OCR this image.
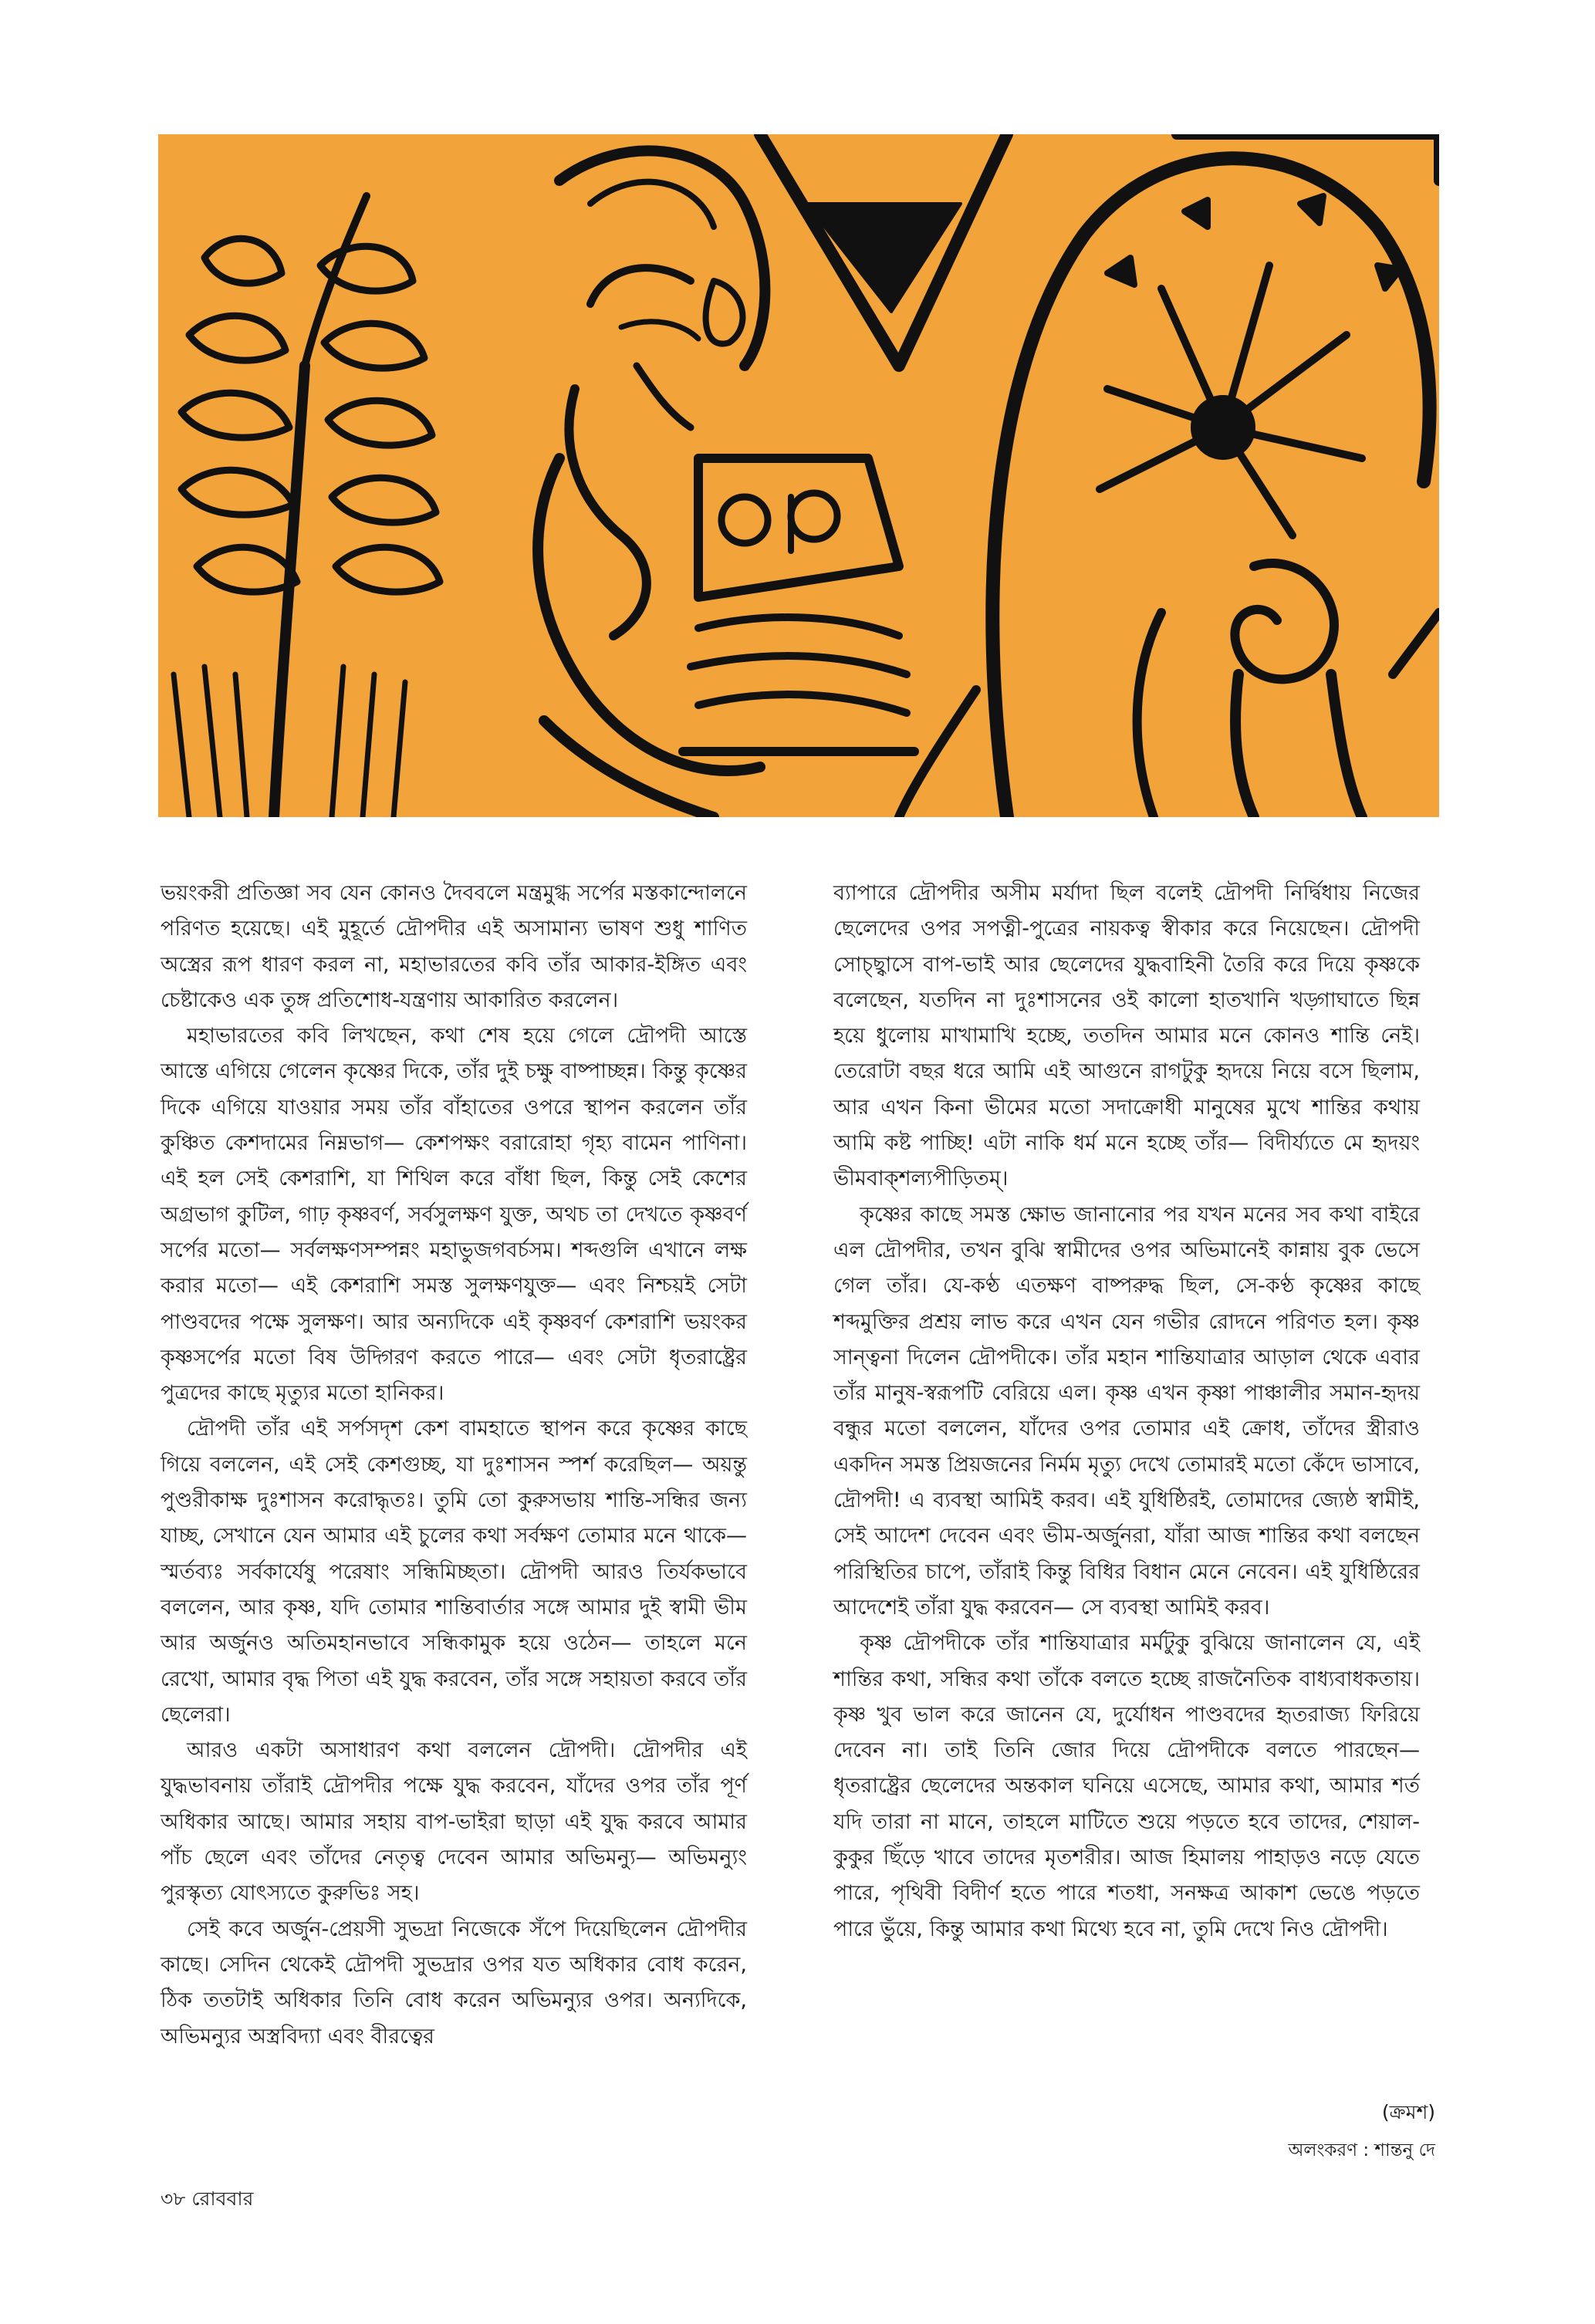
ভয়ংকরী প্রতিজ্ঞা সব যেন কোনও দৈববলে মন্ত্রমুগ্ধ সর্পের মস্তকান্দোলনে পরিণত হয়েছে। এই মুহূর্তে দ্রৌপদীর এই অসামান্য ভাষণ শুধু শাণিত অস্ত্রের রূপ ধারণ করল না, মহাভারতের কবি তাঁর আকার-ইঙ্গিত এবং চেষ্টাকেও এক তুঙ্গ প্রতিশোধ-যন্ত্রণায় আকারিত করলেন।

মহাভারতের কবি লিখছেন, কথা শেষ হয়ে গেলে দ্রৌপদী আস্তে আস্তে এগিয়ে গেলেন কৃষ্ণের দিকে, তাঁর দুই চক্ষু বাষ্পাচ্ছন্ন। কিন্তু কৃষ্ণের দিকে এগিয়ে যাওয়ার সময় তাঁর বাঁহাতের ওপরে স্থাপন করলেন তাঁর কুঞ্চিত কেশদামের নিম্নভাগ— কেশপক্ষং বরারোহা গৃহ্য বামেন পাণিনা। এই হল সেই কেশরাশি, যা শিথিল করে বাঁধা ছিল, কিন্তু সেই কেশের অগ্রভাগ কুটিল, গাঢ় কৃষ্ণবর্ণ, সর্বসুলক্ষণ যুক্ত, অথচ তা দেখতে কৃষ্ণবর্ণ সর্পের মতো— সর্বলক্ষণসম্পন্নং মহাভুজগবর্চসম। শব্দগুলি এখানে লক্ষ করার মতো— এই কেশরাশি সমস্ত সুলক্ষণযুক্ত— এবং নিশ্চয়ই সেটা পাণ্ডবদের পক্ষে সুলক্ষণ। আর অন্যদিকে এই কৃষ্ণবর্ণ কেশরাশি ভয়ংকর কৃষ্ণসর্পের মতো বিষ উদ্গিরণ করতে পারে— এবং সেটা ধৃতরাষ্ট্রের পুত্রদের কাছে মৃত্যুর মতো হানিকর।

দ্রৌপদী তাঁর এই সর্পসদৃশ কেশ বামহাতে স্থাপন করে কৃষ্ণের কাছে গিয়ে বললেন, এই সেই কেশগুচ্ছ, যা দুঃশাসন স্পর্শ করেছিল— অয়ন্তু পুণ্ডরীকাক্ষ দুঃশাসন করোদ্ধৃতঃ। তুমি তো কুরুসভায় শান্তি-সন্ধির জন্য যাচ্ছ, সেখানে যেন আমার এই চুলের কথা সর্বক্ষণ তোমার মনে থাকে— স্মর্তব্যঃ সর্বকার্যেষু পরেষাং সন্ধিমিচ্ছতা। দ্রৌপদী আরও তির্যকভাবে বললেন, আর কৃষ্ণ, যদি তোমার শান্তিবার্তার সঙ্গে আমার দুই স্বামী ভীম আর অর্জুনও অতিমহানভাবে সন্ধিকামুক হয়ে ওঠেন— তাহলে মনে রেখো, আমার বৃদ্ধ পিতা এই যুদ্ধ করবেন, তাঁর সঙ্গে সহায়তা করবে তাঁর ছেলেরা।

আরও একটা অসাধারণ কথা বললেন দ্রৌপদী। দ্রৌপদীর এই যুদ্ধভাবনায় তাঁরাই দ্রৌপদীর পক্ষে যুদ্ধ করবেন, যাঁদের ওপর তাঁর পূর্ণ অধিকার আছে। আমার সহায় বাপ-ভাইরা ছাড়া এই যুদ্ধ করবে আমার পাঁচ ছেলে এবং তাঁদের নেতৃত্ব দেবেন আমার অভিমন্যু— অভিমন্যুং পুরস্কৃত্য যোৎস্যতে কুরুভিঃ সহ।

সেই কবে অর্জুন-প্রেয়সী সুভদ্রা নিজেকে সঁপে দিয়েছিলেন দ্রৌপদীর কাছে। সেদিন থেকেই দ্রৌপদী সুভদ্রার ওপর যত অধিকার বোধ করেন, ঠিক ততটাই অধিকার তিনি বোধ করেন অভিমন্যুর ওপর। অন্যদিকে, অভিমন্যুর অস্ত্রবিদ্যা এবং বীরত্বের

ব্যাপারে দ্রৌপদীর অসীম মর্যাদা ছিল বলেই দ্রৌপদী নির্দ্বিধায় নিজের ছেলেদের ওপর সপত্নী-পুত্রের নায়কত্ব স্বীকার করে নিয়েছেন। দ্রৌপদী সোচ্ছ্বাসে বাপ-ভাই আর ছেলেদের যুদ্ধবাহিনী তৈরি করে দিয়ে কৃষ্ণকে বলেছেন, যতদিন না দুঃশাসনের ওই কালো হাতখানি খড়্গাঘাতে ছিন্ন হয়ে ধুলোয় মাখামাখি হচ্ছে, ততদিন আমার মনে কোনও শান্তি নেই। তেরোটা বছর ধরে আমি এই আগুনে রাগটুকু হৃদয়ে নিয়ে বসে ছিলাম, আর এখন কিনা ভীমের মতো সদাক্রোধী মানুষের মুখে শান্তির কথায় আমি কষ্ট পাচ্ছি! এটা নাকি ধর্ম মনে হচ্ছে তাঁর— বিদীর্য্যতে মে হৃদয়ং ভীমবাক্‌শল্যপীড়িতম্‌।

কৃষ্ণের কাছে সমস্ত ক্ষোভ জানানোর পর যখন মনের সব কথা বাইরে এল দ্রৌপদীর, তখন বুঝি স্বামীদের ওপর অভিমানেই কান্নায় বুক ভেসে গেল তাঁর। যে-কণ্ঠ এতক্ষণ বাষ্পরুদ্ধ ছিল, সে-কণ্ঠ কৃষ্ণের কাছে শব্দমুক্তির প্রশ্রয় লাভ করে এখন যেন গভীর রোদনে পরিণত হল। কৃষ্ণ সান্ত্বনা দিলেন দ্রৌপদীকে। তাঁর মহান শান্তিযাত্রার আড়াল থেকে এবার তাঁর মানুষ-স্বরূপটি বেরিয়ে এল। কৃষ্ণ এখন কৃষ্ণা পাঞ্চালীর সমান-হৃদয় বন্ধুর মতো বললেন, যাঁদের ওপর তোমার এই ক্রোধ, তাঁদের স্ত্রীরাও একদিন সমস্ত প্রিয়জনের নির্মম মৃত্যু দেখে তোমারই মতো কেঁদে ভাসাবে, দ্রৌপদী! এ ব্যবস্থা আমিই করব। এই যুধিষ্ঠিরই, তোমাদের জ্যেষ্ঠ স্বামীই, সেই আদেশ দেবেন এবং ভীম-অর্জুনরা, যাঁরা আজ শান্তির কথা বলছেন পরিস্থিতির চাপে, তাঁরাই কিন্তু বিধির বিধান মেনে নেবেন। এই যুধিষ্ঠিরের আদেশেই তাঁরা যুদ্ধ করবেন— সে ব্যবস্থা আমিই করব।

কৃষ্ণ দ্রৌপদীকে তাঁর শান্তিযাত্রার মর্মটুকু বুঝিয়ে জানালেন যে, এই শান্তির কথা, সন্ধির কথা তাঁকে বলতে হচ্ছে রাজনৈতিক বাধ্যবাধকতায়। কৃষ্ণ খুব ভাল করে জানেন যে, দুর্যোধন পাণ্ডবদের হৃতরাজ্য ফিরিয়ে দেবেন না। তাই তিনি জোর দিয়ে দ্রৌপদীকে বলতে পারছেন— ধৃতরাষ্ট্রের ছেলেদের অন্তকাল ঘনিয়ে এসেছে, আমার কথা, আমার শর্ত যদি তারা না মানে, তাহলে মাটিতে শুয়ে পড়তে হবে তাদের, শেয়াল-কুকুর ছিঁড়ে খাবে তাদের মৃতশরীর। আজ হিমালয় পাহাড়ও নড়ে যেতে পারে, পৃথিবী বিদীর্ণ হতে পারে শতধা, সনক্ষত্র আকাশ ভেঙে পড়তে পারে ভুঁয়ে, কিন্তু আমার কথা মিথ্যে হবে না, তুমি দেখে নিও দ্রৌপদী।

(ক্রমশ)
অলংকরণ : শান্তনু দে
৩৮ রোববার
